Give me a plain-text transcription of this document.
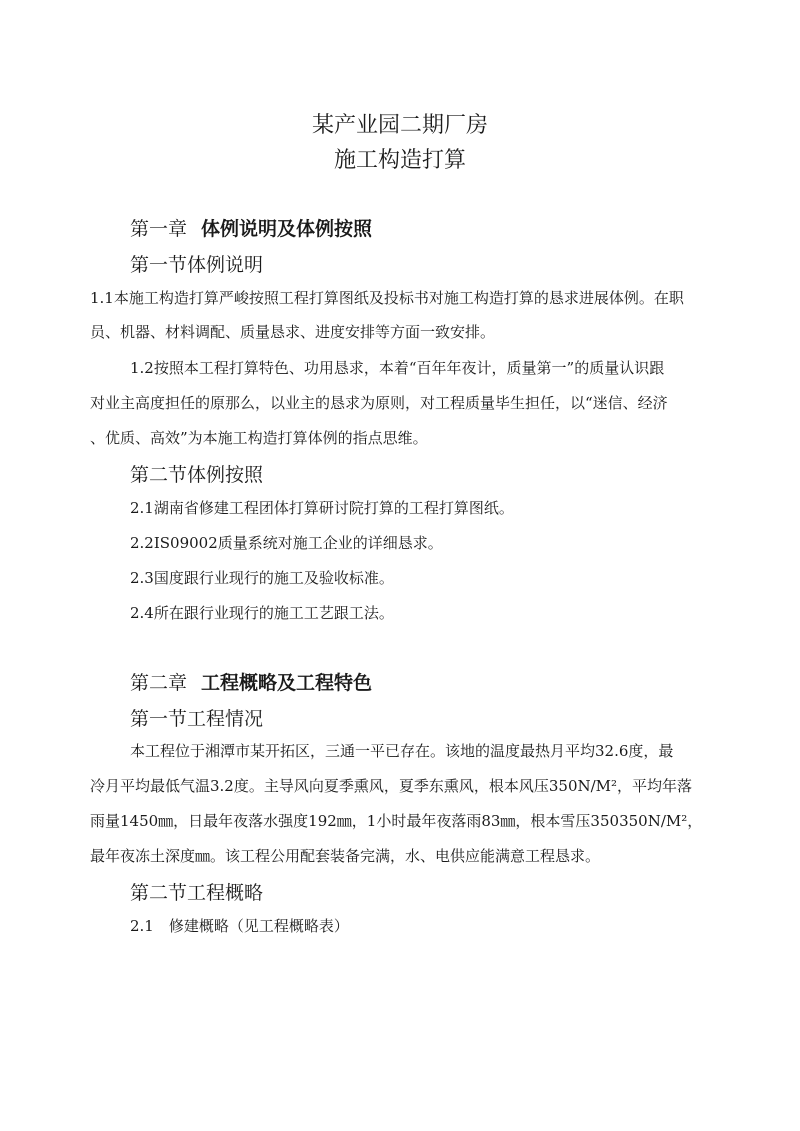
某产业园二期厂房
施工构造打算
第一章 体例说明及体例按照
第一节体例说明
1.1本施工构造打算严峻按照工程打算图纸及投标书对施工构造打算的恳求进展体例。在职
员、机器、材料调配、质量恳求、进度安排等方面一致安排。
1.2按照本工程打算特色、功用恳求，本着“百年年夜计，质量第一”的质量认识跟
对业主高度担任的原那么，以业主的恳求为原则，对工程质量毕生担任，以“迷信、经济
、优质、高效”为本施工构造打算体例的指点思维。
第二节体例按照
2.1湖南省修建工程团体打算研讨院打算的工程打算图纸。
2.2IS09002质量系统对施工企业的详细恳求。
2.3国度跟行业现行的施工及验收标准。
2.4所在跟行业现行的施工工艺跟工法。
第二章 工程概略及工程特色
第一节工程情况
本工程位于湘潭市某开拓区，三通一平已存在。该地的温度最热月平均32.6度，最
冷月平均最低气温3.2度。主导风向夏季熏风，夏季东熏风，根本风压350N/M²，平均年落
雨量1450㎜，日最年夜落水强度192㎜，1小时最年夜落雨83㎜，根本雪压350350N/M²，
最年夜冻土深度㎜。该工程公用配套装备完满，水、电供应能满意工程恳求。
第二节工程概略
2.1　修建概略（见工程概略表）
